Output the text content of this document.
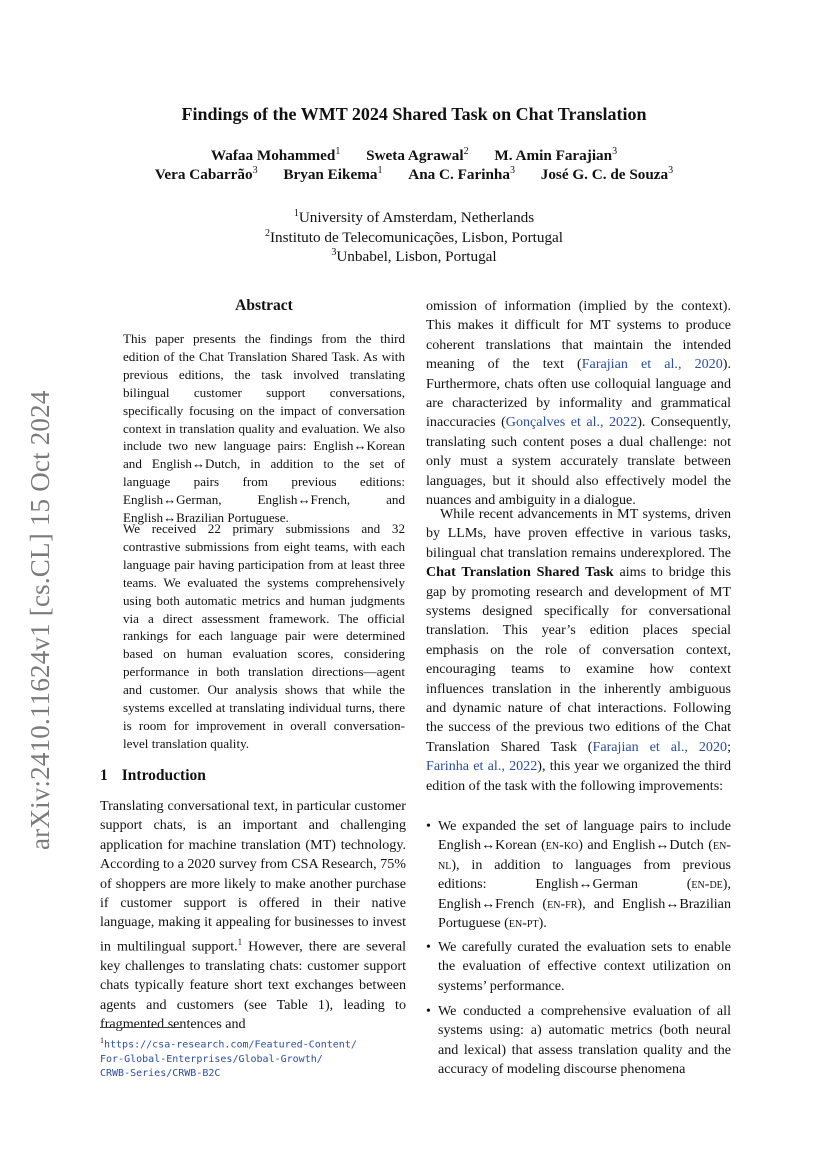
Findings of the WMT 2024 Shared Task on Chat Translation
Wafaa Mohammed$^1$ Sweta Agrawal$^2$ M. Amin Farajian$^3$
Vera Cabarrão$^3$ Bryan Eikema$^1$ Ana C. Farinha$^3$ José G. C. de Souza$^3$
$^1$University of Amsterdam, Netherlands
$^2$Instituto de Telecomunicações, Lisbon, Portugal
$^3$Unbabel, Lisbon, Portugal
arXiv:2410.11624v1 [cs.CL] 15 Oct 2024
Abstract
This paper presents the findings from the third edition of the Chat Translation Shared Task. As with previous editions, the task involved translating bilingual customer support conversations, specifically focusing on the impact of conversation context in translation quality and evaluation. We also include two new language pairs: English↔Korean and English↔Dutch, in addition to the set of language pairs from previous editions: English↔German, English↔French, and English↔Brazilian Portuguese.
We received 22 primary submissions and 32 contrastive submissions from eight teams, with each language pair having participation from at least three teams. We evaluated the systems comprehensively using both automatic metrics and human judgments via a direct assessment framework. The official rankings for each language pair were determined based on human evaluation scores, considering performance in both translation directions—agent and customer. Our analysis shows that while the systems excelled at translating individual turns, there is room for improvement in overall conversation-level translation quality.
1 Introduction
Translating conversational text, in particular customer support chats, is an important and challenging application for machine translation (MT) technology. According to a 2020 survey from CSA Research, 75% of shoppers are more likely to make another purchase if customer support is offered in their native language, making it appealing for businesses to invest in multilingual support.$^1$ However, there are several key challenges to translating chats: customer support chats typically feature short text exchanges between agents and customers (see Table 1), leading to fragmented sentences and
omission of information (implied by the context). This makes it difficult for MT systems to produce coherent translations that maintain the intended meaning of the text (Farajian et al., 2020). Furthermore, chats often use colloquial language and are characterized by informality and grammatical inaccuracies (Gonçalves et al., 2022). Consequently, translating such content poses a dual challenge: not only must a system accurately translate between languages, but it should also effectively model the nuances and ambiguity in a dialogue.
While recent advancements in MT systems, driven by LLMs, have proven effective in various tasks, bilingual chat translation remains underexplored. The Chat Translation Shared Task aims to bridge this gap by promoting research and development of MT systems designed specifically for conversational translation. This year’s edition places special emphasis on the role of conversation context, encouraging teams to examine how context influences translation in the inherently ambiguous and dynamic nature of chat interactions. Following the success of the previous two editions of the Chat Translation Shared Task (Farajian et al., 2020; Farinha et al., 2022), this year we organized the third edition of the task with the following improvements:
• We expanded the set of language pairs to include English↔Korean (en-ko) and English↔Dutch (en-nl), in addition to languages from previous editions: English↔German (en-de), English↔French (en-fr), and English↔Brazilian Portuguese (en-pt).
• We carefully curated the evaluation sets to enable the evaluation of effective context utilization on systems’ performance.
• We conducted a comprehensive evaluation of all systems using: a) automatic metrics (both neural and lexical) that assess translation quality and the accuracy of modeling discourse phenomena
$^1$https://csa-research.com/Featured-Content/
For-Global-Enterprises/Global-Growth/
CRWB-Series/CRWB-B2C
